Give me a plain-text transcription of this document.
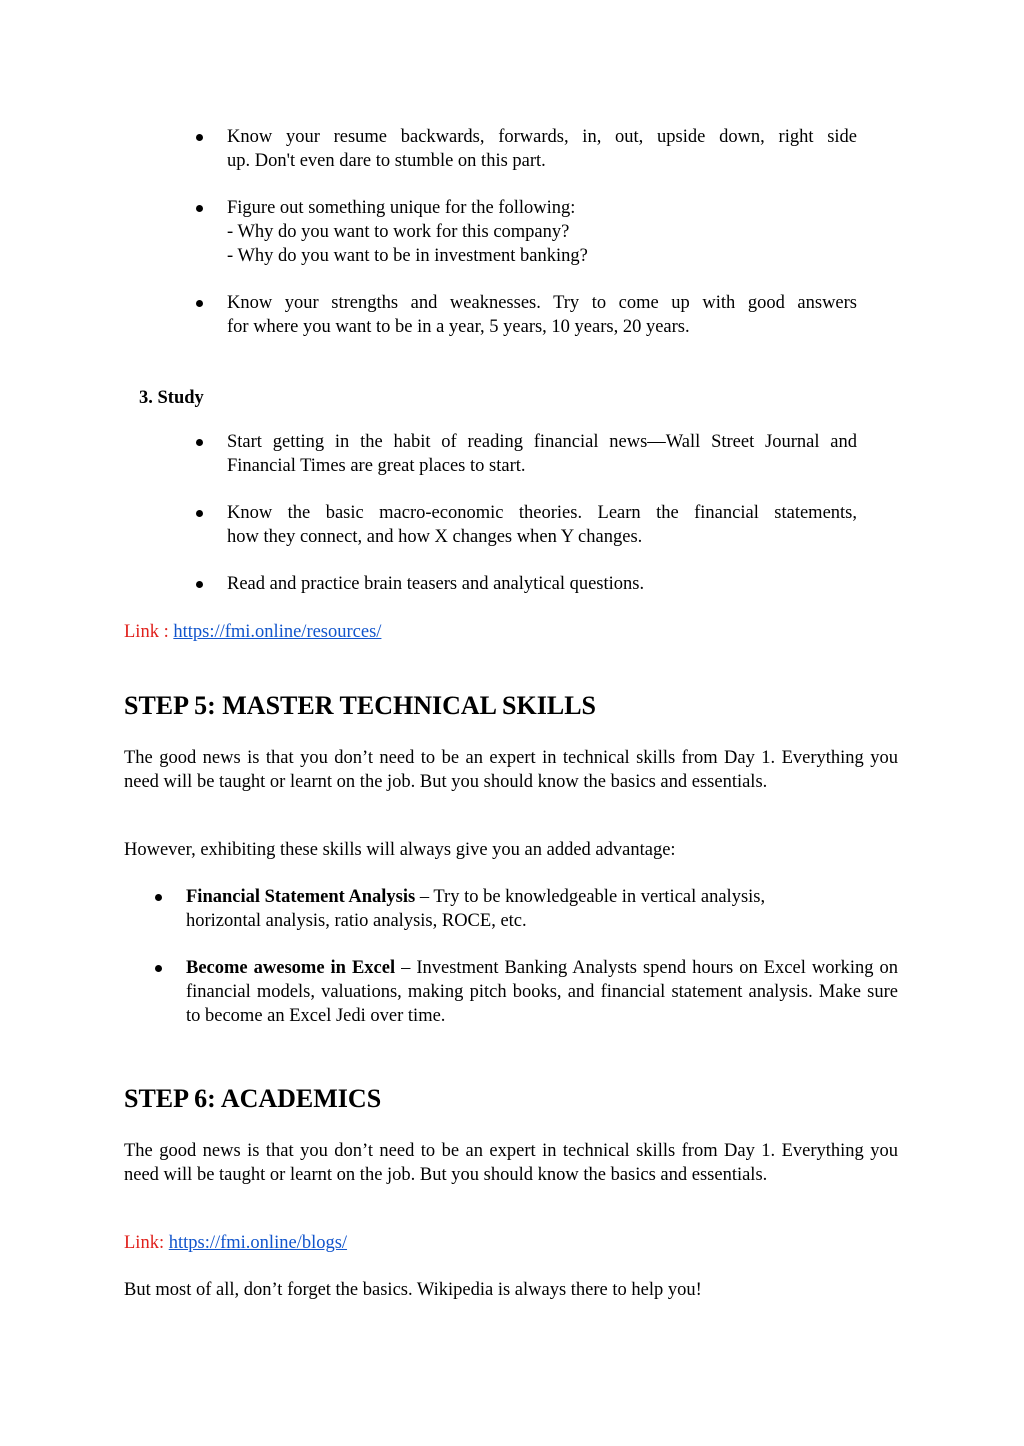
Know your resume backwards, forwards, in, out, upside down, right side
up. Don't even dare to stumble on this part.
Figure out something unique for the following:
- Why do you want to work for this company?
- Why do you want to be in investment banking?
Know your strengths and weaknesses. Try to come up with good answers
for where you want to be in a year, 5 years, 10 years, 20 years.
3. Study
Start getting in the habit of reading financial news—Wall Street Journal and
Financial Times are great places to start.
Know the basic macro-economic theories. Learn the financial statements,
how they connect, and how X changes when Y changes.
Read and practice brain teasers and analytical questions.
Link : https://fmi.online/resources/
STEP 5: MASTER TECHNICAL SKILLS
The good news is that you don’t need to be an expert in technical skills from Day 1. Everything you need will be taught or learnt on the job. But you should know the basics and essentials.
However, exhibiting these skills will always give you an added advantage:
Financial Statement Analysis – Try to be knowledgeable in vertical analysis, horizontal analysis, ratio analysis, ROCE, etc.
Become awesome in Excel – Investment Banking Analysts spend hours on Excel working on financial models, valuations, making pitch books, and financial statement analysis. Make sure to become an Excel Jedi over time.
STEP 6: ACADEMICS
The good news is that you don’t need to be an expert in technical skills from Day 1. Everything you need will be taught or learnt on the job. But you should know the basics and essentials.
Link: https://fmi.online/blogs/
But most of all, don’t forget the basics. Wikipedia is always there to help you!
